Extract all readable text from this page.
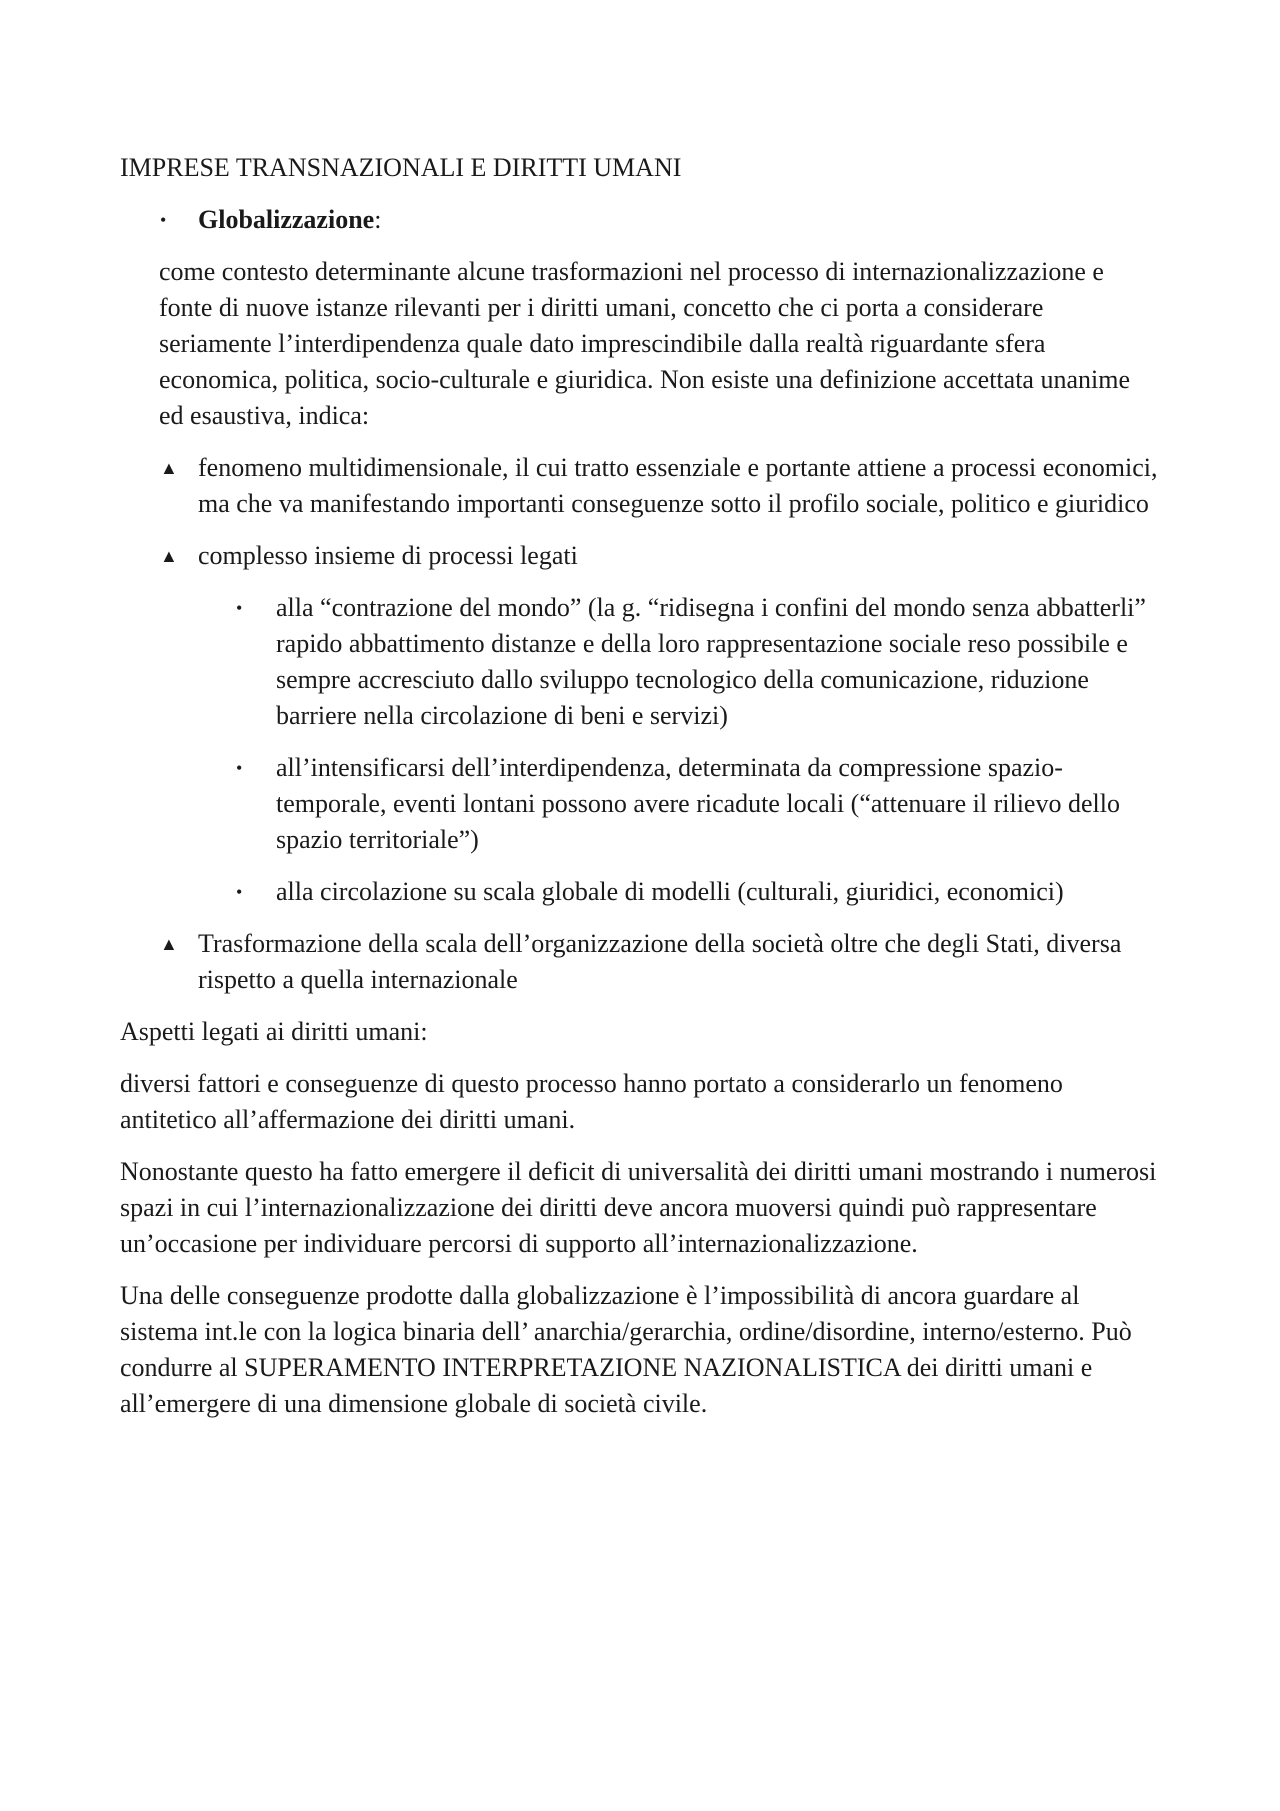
IMPRESE TRANSNAZIONALI E DIRITTI UMANI

• Globalizzazione:

come contesto determinante alcune trasformazioni nel processo di internazionalizzazione e fonte di nuove istanze rilevanti per i diritti umani, concetto che ci porta a considerare seriamente l’interdipendenza quale dato imprescindibile dalla realtà riguardante sfera economica, politica, socio-culturale e giuridica. Non esiste una definizione accettata unanime ed esaustiva, indica:

▲ fenomeno multidimensionale, il cui tratto essenziale e portante attiene a processi economici, ma che va manifestando importanti conseguenze sotto il profilo sociale, politico e giuridico
▲ complesso insieme di processi legati
• alla “contrazione del mondo” (la g. “ridisegna i confini del mondo senza abbatterli” rapido abbattimento distanze e della loro rappresentazione sociale reso possibile e sempre accresciuto dallo sviluppo tecnologico della comunicazione, riduzione barriere nella circolazione di beni e servizi)
• all’intensificarsi dell’interdipendenza, determinata da compressione spazio-temporale, eventi lontani possono avere ricadute locali (“attenuare il rilievo dello spazio territoriale”)
• alla circolazione su scala globale di modelli (culturali, giuridici, economici)
▲ Trasformazione della scala dell’organizzazione della società oltre che degli Stati, diversa rispetto a quella internazionale

Aspetti legati ai diritti umani:

diversi fattori e conseguenze di questo processo hanno portato a considerarlo un fenomeno antitetico all’affermazione dei diritti umani.

Nonostante questo ha fatto emergere il deficit di universalità dei diritti umani mostrando i numerosi spazi in cui l’internazionalizzazione dei diritti deve ancora muoversi quindi può rappresentare un’occasione per individuare percorsi di supporto all’internazionalizzazione.

Una delle conseguenze prodotte dalla globalizzazione è l’impossibilità di ancora guardare al sistema int.le con la logica binaria dell’ anarchia/gerarchia, ordine/disordine, interno/esterno. Può condurre al SUPERAMENTO INTERPRETAZIONE NAZIONALISTICA dei diritti umani e all’emergere di una dimensione globale di società civile.
